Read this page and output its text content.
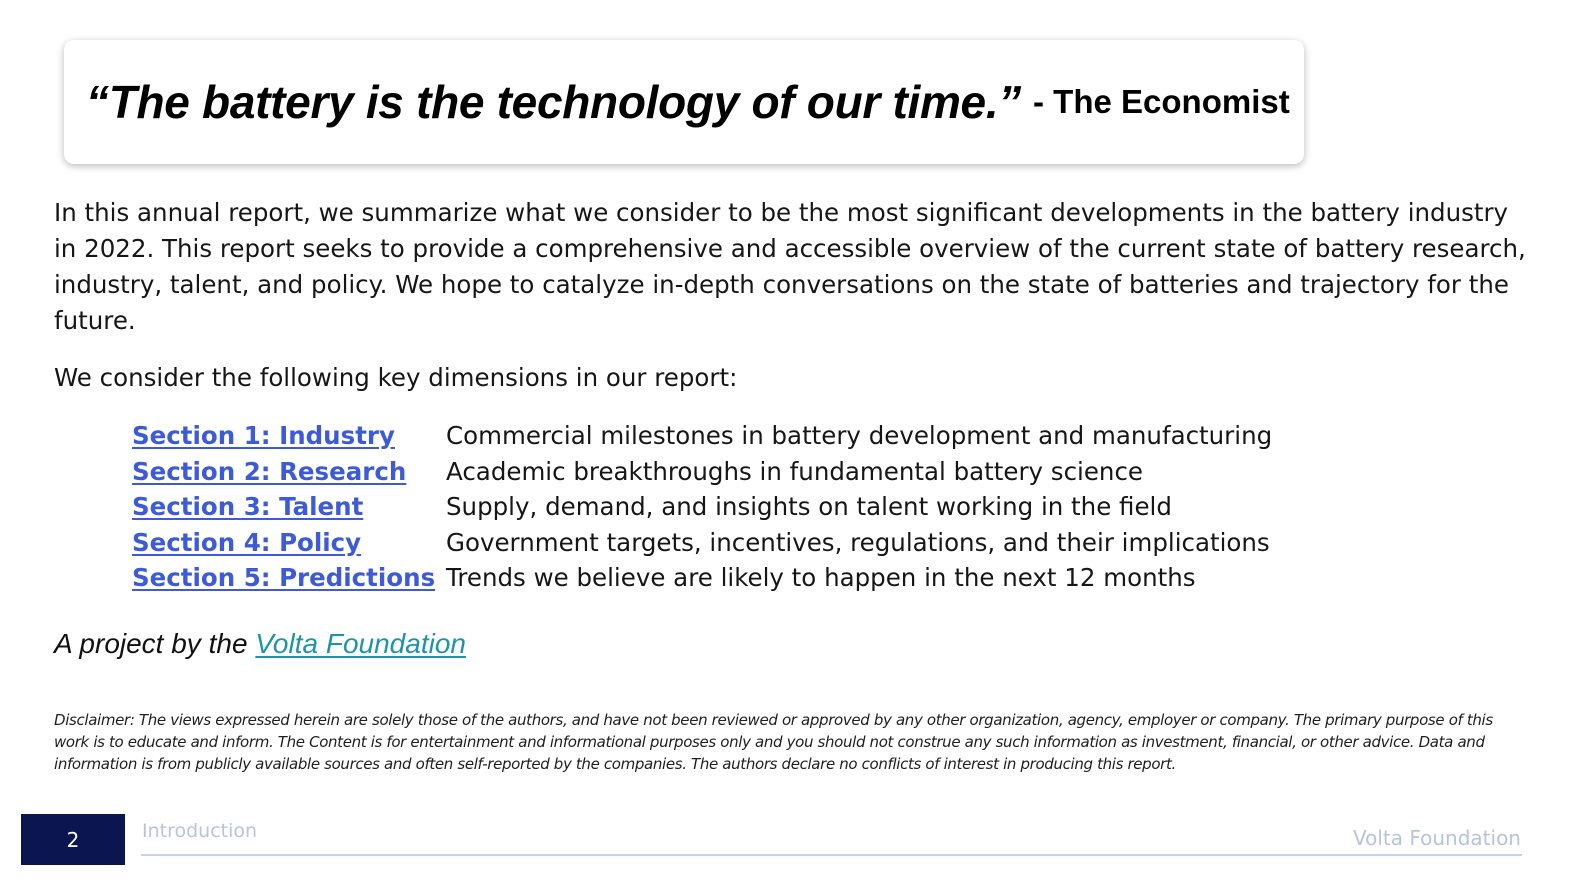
“The battery is the technology of our time.” - The Economist

In this annual report, we summarize what we consider to be the most significant developments in the battery industry in 2022. This report seeks to provide a comprehensive and accessible overview of the current state of battery research, industry, talent, and policy. We hope to catalyze in-depth conversations on the state of batteries and trajectory for the future.

We consider the following key dimensions in our report:

Section 1: Industry	Commercial milestones in battery development and manufacturing
Section 2: Research	Academic breakthroughs in fundamental battery science
Section 3: Talent	Supply, demand, and insights on talent working in the field
Section 4: Policy	Government targets, incentives, regulations, and their implications
Section 5: Predictions Trends we believe are likely to happen in the next 12 months

A project by the Volta Foundation

Disclaimer: The views expressed herein are solely those of the authors, and have not been reviewed or approved by any other organization, agency, employer or company. The primary purpose of this work is to educate and inform. The Content is for entertainment and informational purposes only and you should not construe any such information as investment, financial, or other advice. Data and information is from publicly available sources and often self-reported by the companies. The authors declare no conflicts of interest in producing this report.

2	Introduction	Volta Foundation
